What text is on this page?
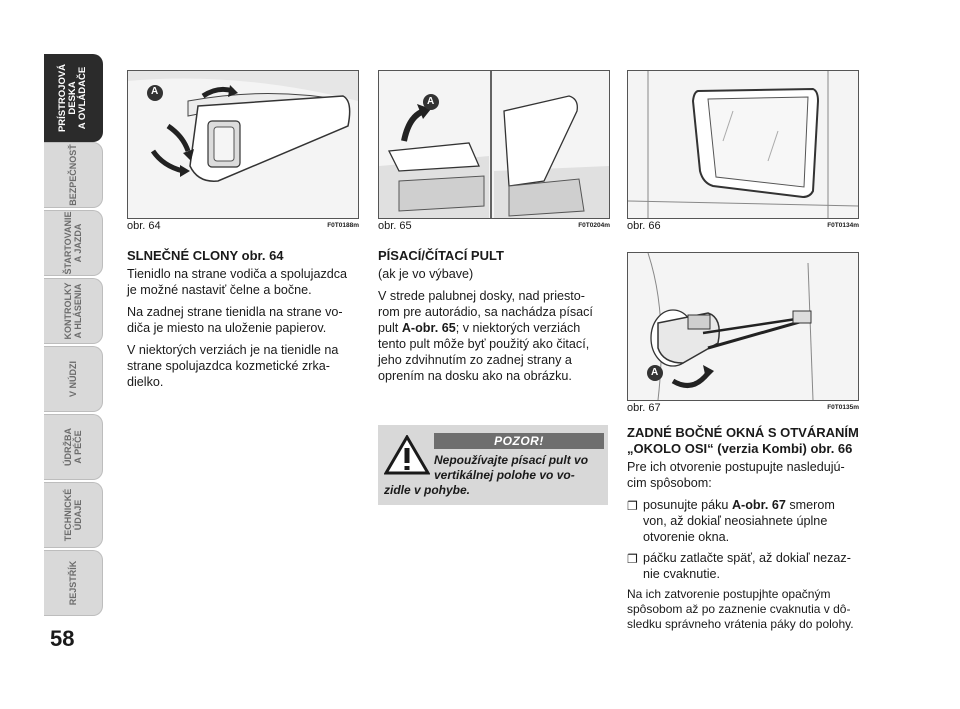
PRÍSTROJOVÁ
DESKA
A OVLÁDAČE
BEZPEČNOSŤ
ŠTARTOVANIE
A JAZDA
KONTROLKY
A HLÁSENIA
V NÚDZI
ÚDRŽBA
A PÉČE
TECHNICKÉ
ÚDAJE
REJSTŘÍK
58
A
obr. 64	F0T0188m
A
obr. 65	F0T0204m obr. 66	F0T0134m
A
obr. 67	F0T0135m
SLNEČNÉ CLONY obr. 64

Tienidlo na strane vodiča a spolujazdca je možné nastaviť čelne a bočne.

Na zadnej strane tienidla na strane vo-diča je miesto na uloženie papierov.

V niektorých verziách je na tienidle na strane spolujazdca kozmetické zrka-dielko.

PÍSACÍ/ČÍTACÍ PULT

(ak je vo výbave)

V strede palubnej dosky, nad priesto-rom pre autorádio, sa nachádza písací pult A-obr. 65; v niektorých verziách tento pult môže byť použitý ako čitací, jeho zdvihnutím zo zadnej strany a oprením na dosku ako na obrázku.

POZOR!
Nepoužívajte písací pult vo vertikálnej polohe vo vo-
zidle v pohybe.
ZADNÉ BOČNÉ OKNÁ S OTVÁRANÍM „OKOLO OSI“ (verzia Kombi) obr. 66

Pre ich otvorenie postupujte nasledujú-cim spôsobom:

❐ posunujte páku A-obr. 67 smerom von, až dokiaľ neosiahnete úplne otvorenie okna.
❐ páčku zatlačte späť, až dokiaľ nezaz-nie cvaknutie.

Na ich zatvorenie postupjhte opačným spôsobom až po zaznenie cvaknutia v dô-sledku správneho vrátenia páky do polohy.
